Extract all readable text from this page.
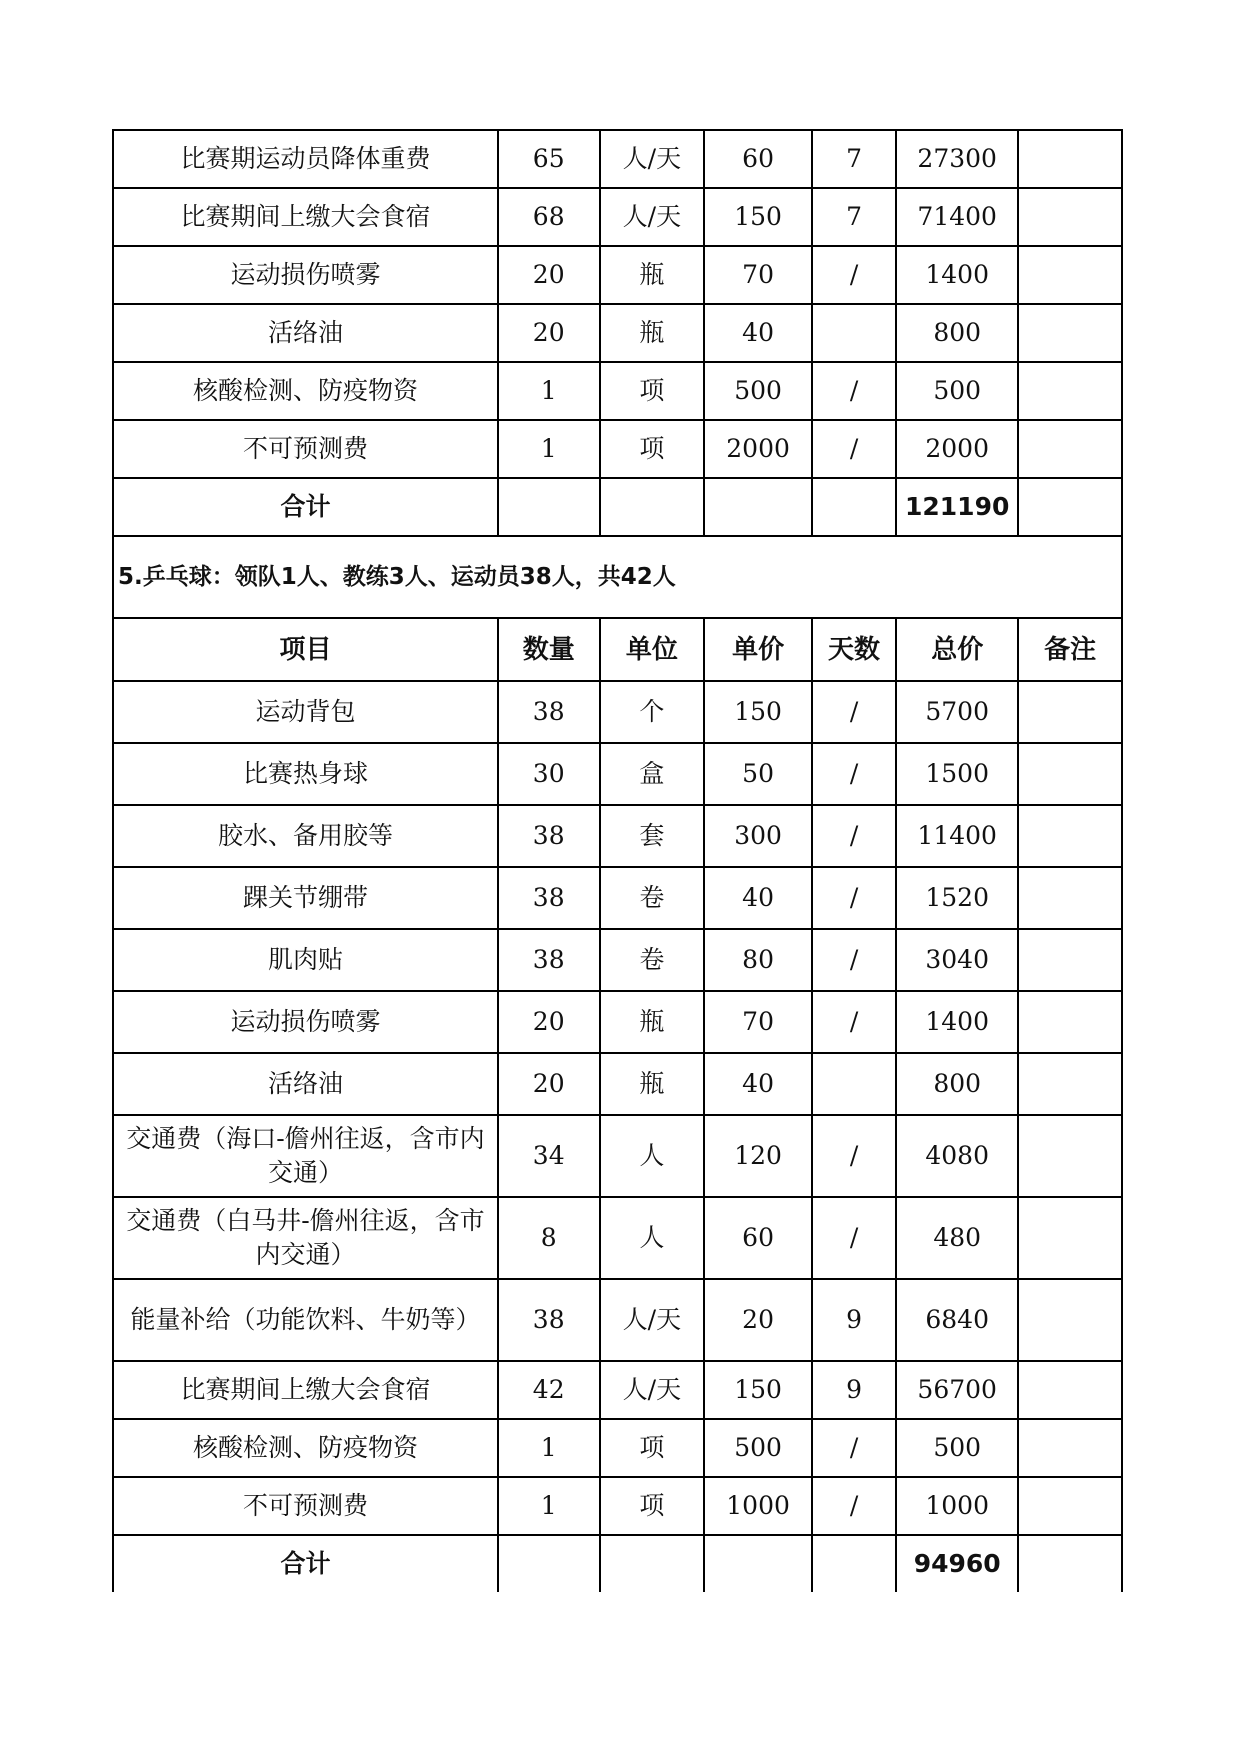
比赛期运动员降体重费	65	人/天	60	7	27300	
比赛期间上缴大会食宿	68	人/天	150	7	71400	
运动损伤喷雾	20	瓶	70	/	1400	
活络油	20	瓶	40		800	
核酸检测、防疫物资	1	项	500	/	500	
不可预测费	1	项	2000	/	2000	
合计					121190	
5.乒乓球：领队1人、教练3人、运动员38人，共42人						
项目	数量	单位	单价	天数	总价	备注
运动背包	38	个	150	/	5700	
比赛热身球	30	盒	50	/	1500	
胶水、备用胶等	38	套	300	/	11400	
踝关节绷带	38	卷	40	/	1520	
肌肉贴	38	卷	80	/	3040	
运动损伤喷雾	20	瓶	70	/	1400	
活络油	20	瓶	40		800	
交通费（海口-儋州往返，含市内交通）	34	人	120	/	4080	
交通费（白马井-儋州往返，含市内交通）	8	人	60	/	480	
能量补给（功能饮料、牛奶等）	38	人/天	20	9	6840	
比赛期间上缴大会食宿	42	人/天	150	9	56700	
核酸检测、防疫物资	1	项	500	/	500	
不可预测费	1	项	1000	/	1000	
合计					94960	
